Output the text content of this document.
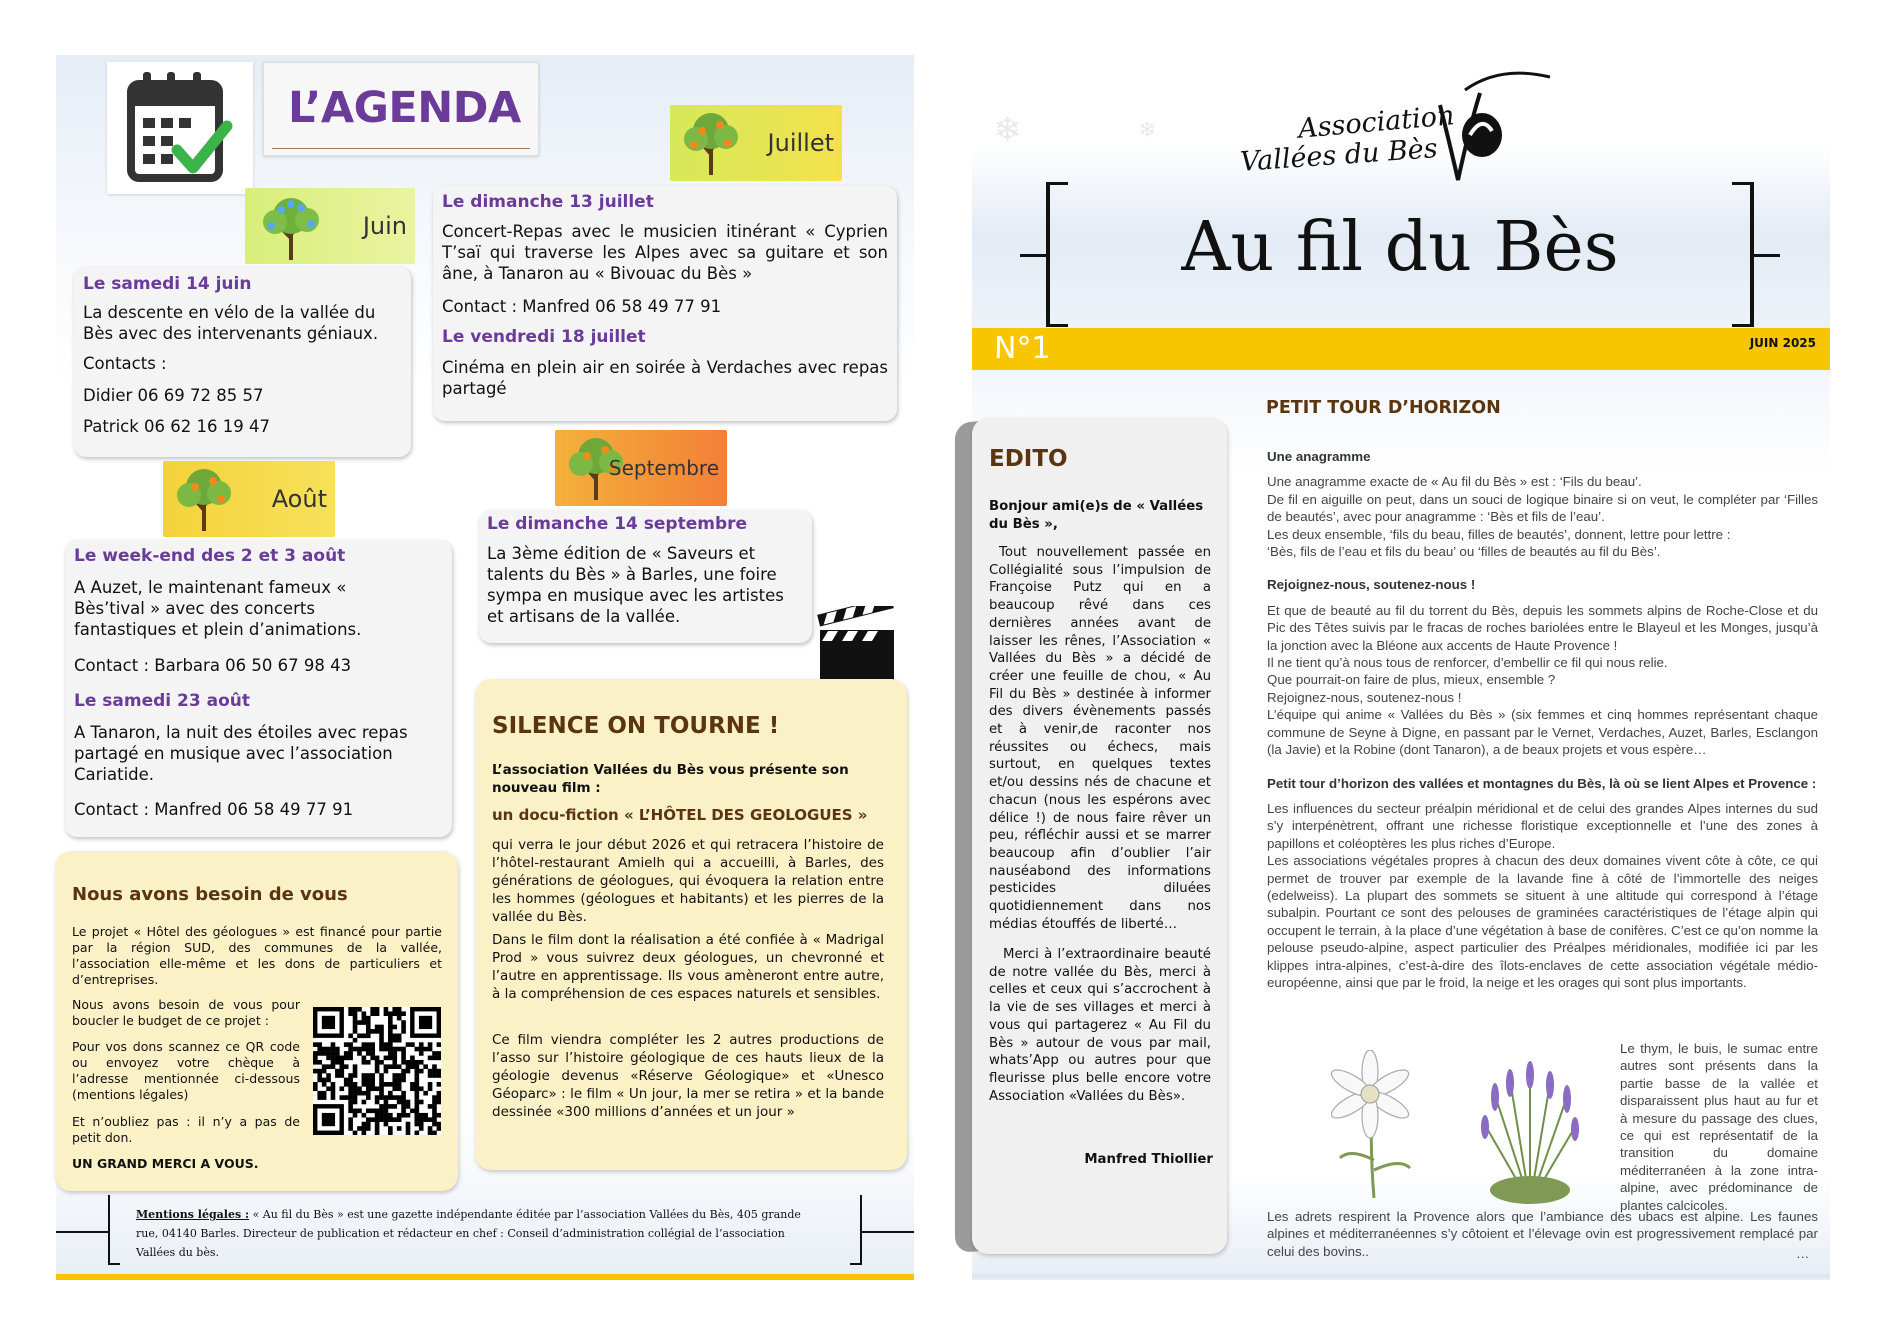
L’AGENDA
Juillet
Juin
Le samedi 14 juin
La descente en vélo de la vallée du Bès avec des intervenants géniaux.
Contacts :
Didier 06 69 72 85 57
Patrick 06 62 16 19 47
Le dimanche 13 juillet
Concert-Repas avec le musicien itinérant « Cyprien T’saï qui traverse les Alpes avec sa guitare et son âne, à Tanaron au « Bivouac du Bès »
Contact : Manfred 06 58 49 77 91
Le vendredi 18 juillet
Cinéma en plein air en soirée à Verdaches avec repas partagé
Septembre
Août
Le dimanche 14 septembre
La 3ème édition de « Saveurs et talents du Bès » à Barles, une foire sympa en musique avec les artistes et artisans de la vallée.
Le week-end des 2 et 3 août
A Auzet, le maintenant fameux « Bès’tival » avec des concerts fantastiques et plein d’animations.
Contact : Barbara 06 50 67 98 43
Le samedi 23 août
A Tanaron, la nuit des étoiles avec repas partagé en musique avec l’association Cariatide.
Contact : Manfred 06 58 49 77 91
SILENCE ON TOURNE !
L’association Vallées du Bès vous présente son nouveau film :
un docu-fiction « L’HÔTEL DES GEOLOGUES »
qui verra le jour début 2026 et qui retracera l’histoire de l’hôtel-restaurant Amielh qui a accueilli, à Barles, des générations de géologues, qui évoquera la relation entre les hommes (géologues et habitants) et les pierres de la vallée du Bès.
Dans le film dont la réalisation a été confiée à « Madrigal Prod » vous suivrez deux géologues, un chevronné et l’autre en apprentissage. Ils vous amèneront entre autre, à la compréhension de ces espaces naturels et sensibles.
Ce film viendra compléter les 2 autres productions de l’asso sur l’histoire géologique de ces hauts lieux de la géologie devenus «Réserve Géologique» et «Unesco Géoparc» : le film « Un jour, la mer se retira » et la bande dessinée «300 millions d’années et un jour »
Nous avons besoin de vous
Le projet « Hôtel des géologues » est financé pour partie par la région SUD, des communes de la vallée, l’association elle-même et les dons de particuliers et d’entreprises.
Nous avons besoin de vous pour boucler le budget de ce projet :
Pour vos dons scannez ce QR code ou envoyez votre chèque à l’adresse mentionnée ci-dessous (mentions légales)
Et n’oubliez pas : il n’y a pas de petit don.
UN GRAND MERCI A VOUS.
Mentions légales : « Au fil du Bès » est une gazette indépendante éditée par l’association Vallées du Bès, 405 grande rue, 04140 Barles. Directeur de publication et rédacteur en chef : Conseil d’administration collégial de l’association Vallées du bès.
❄	❄	Association
Vallées du Bès
Au fil du Bès
N°1	JUIN 2025
EDITO
Bonjour ami(e)s de « Vallées du Bès »,
Tout nouvellement passée en Collégialité sous l’impulsion de Françoise Putz qui en a beaucoup rêvé dans ces dernières années avant de laisser les rênes, l’Association « Vallées du Bès » a décidé de créer une feuille de chou, « Au Fil du Bès » destinée à informer des divers évènements passés et à venir,de raconter nos réussites ou échecs, mais surtout, en quelques textes et/ou dessins nés de chacune et chacun (nous les espérons avec délice !) de nous faire rêver un peu, réfléchir aussi et se marrer beaucoup afin d’oublier l’air nauséabond des informations pesticides diluées quotidiennement dans nos médias étouffés de liberté…
Merci à l’extraordinaire beauté de notre vallée du Bès, merci à celles et ceux qui s’accrochent à la vie de ses villages et merci à vous qui partagerez « Au Fil du Bès » autour de vous par mail, whats’App ou autres pour que fleurisse plus belle encore votre Association «Vallées du Bès».
Manfred Thiollier
PETIT TOUR D’HORIZON
Une anagramme
Une anagramme exacte de « Au fil du Bès » est : ‘Fils du beau’.
De fil en aiguille on peut, dans un souci de logique binaire si on veut, le compléter par ‘Filles de beautés’, avec pour anagramme : ‘Bès et fils de l’eau’.
Les deux ensemble, ‘fils du beau, filles de beautés’, donnent, lettre pour lettre :
‘Bès, fils de l’eau et fils du beau’ ou ‘filles de beautés au fil du Bès’.
Rejoignez-nous, soutenez-nous !
Et que de beauté au fil du torrent du Bès, depuis les sommets alpins de Roche-Close et du Pic des Têtes suivis par le fracas de roches bariolées entre le Blayeul et les Monges, jusqu’à la jonction avec la Bléone aux accents de Haute Provence !
Il ne tient qu’à nous tous de renforcer, d’embellir ce fil qui nous relie.
Que pourrait-on faire de plus, mieux, ensemble ?
Rejoignez-nous, soutenez-nous !
L’équipe qui anime « Vallées du Bès » (six femmes et cinq hommes représentant chaque commune de Seyne à Digne, en passant par le Vernet, Verdaches, Auzet, Barles, Esclangon (la Javie) et la Robine (dont Tanaron), a de beaux projets et vous espère…
Petit tour d’horizon des vallées et montagnes du Bès, là où se lient Alpes et Provence :
Les influences du secteur préalpin méridional et de celui des grandes Alpes internes du sud s’y interpénètrent, offrant une richesse floristique exceptionnelle et l’une des zones à papillons et coléoptères les plus riches d’Europe.
Les associations végétales propres à chacun des deux domaines vivent côte à côte, ce qui permet de trouver par exemple de la lavande fine à côté de l’immortelle des neiges (edelweiss). La plupart des sommets se situent à une altitude qui correspond à l’étage subalpin. Pourtant ce sont des pelouses de graminées caractéristiques de l’étage alpin qui occupent le terrain, à la place d’une végétation à base de conifères. C’est ce qu’on nomme la pelouse pseudo-alpine, aspect particulier des Préalpes méridionales, modifiée ici par les klippes intra-alpines, c’est-à-dire des îlots-enclaves de cette association végétale médio-européenne, ainsi que par le froid, la neige et les orages qui sont plus importants.
Le thym, le buis, le sumac entre autres sont présents dans la partie basse de la vallée et disparaissent plus haut au fur et à mesure du passage des clues, ce qui est représentatif de la transition du domaine méditerranéen à la zone intra-alpine, avec prédominance de plantes calcicoles.
Les adrets respirent la Provence alors que l’ambiance des ubacs est alpine. Les faunes alpines et méditerranéennes s’y côtoient et l’élevage ovin est progressivement remplacé par celui des bovins..	…
